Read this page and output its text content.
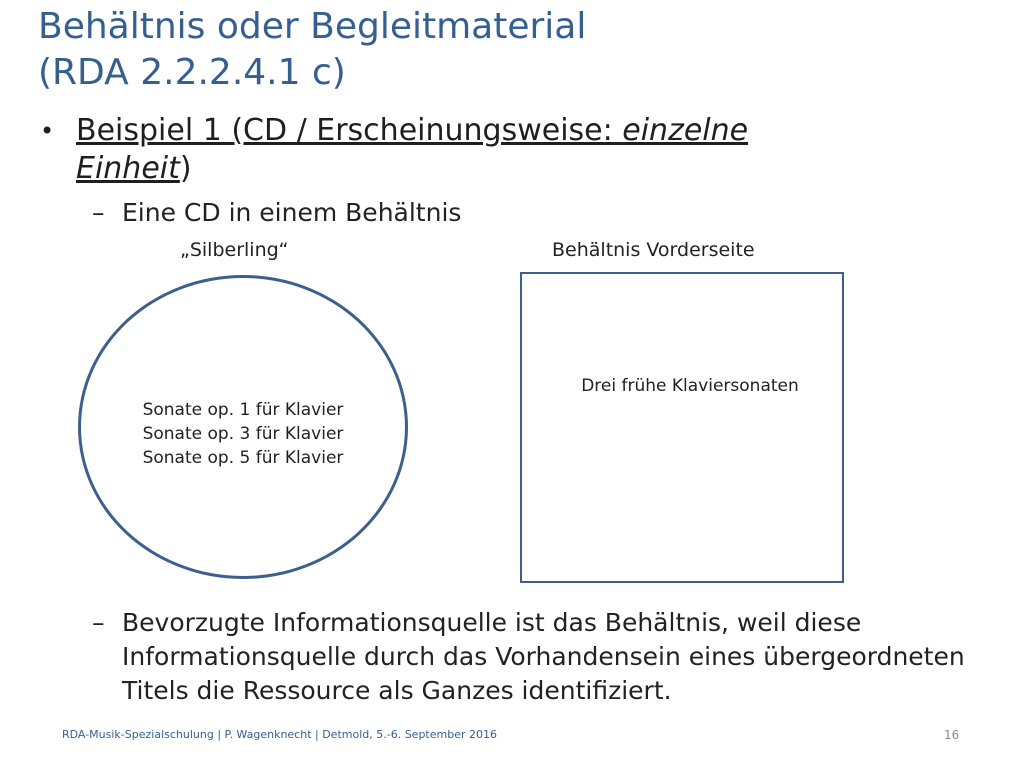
Behältnis oder Begleitmaterial
(RDA 2.2.2.4.1 c)
• Beispiel 1 (CD / Erscheinungsweise: einzelne
Einheit)
– Eine CD in einem Behältnis
„Silberling“	Behältnis Vorderseite
Sonate op. 1 für Klavier
Sonate op. 3 für Klavier
Sonate op. 5 für Klavier
Drei frühe Klaviersonaten
– Bevorzugte Informationsquelle ist das Behältnis, weil diese Informationsquelle durch das Vorhandensein eines übergeordneten Titels die Ressource als Ganzes identifiziert.
RDA-Musik-Spezialschulung | P. Wagenknecht | Detmold, 5.-6. September 2016	16
